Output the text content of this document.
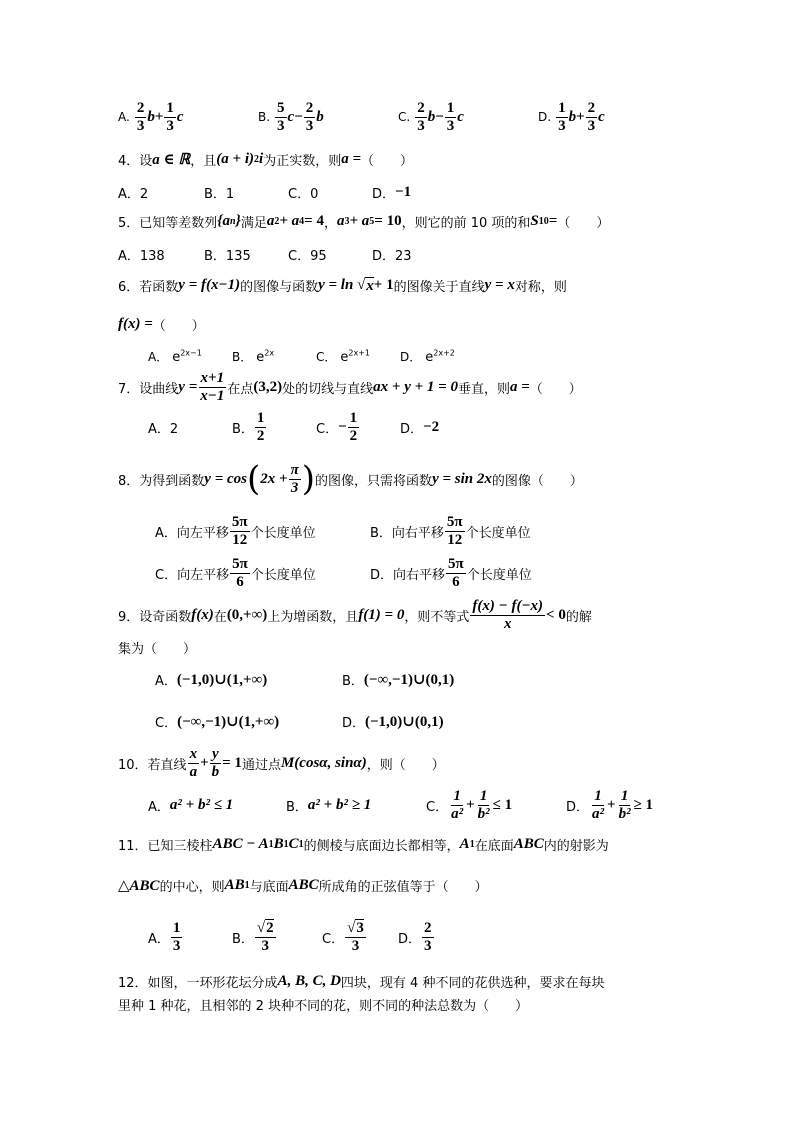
A. $\frac{2}{3}$ $b + \frac{1}{3}$ c	B. $\frac{5}{3}$ $c - \frac{2}{3}$ b	C. $\frac{2}{3}$ $b - \frac{1}{3}$ c	D. $\frac{1}{3}$ $b + \frac{2}{3}$ c
4． 设 a ∈ ℝ ，且 (a + i) 2 i 为正实数，则 a = （　　）
A．2	B．1	C．0	D． −1
5． 已知等差数列 {a n } 满足 a 2 + a 4 = 4 ， a 3 + a 5 = 10 ，则它的前 10 项的和 S 10 = （　　）
A．138	B．135	C．95	D．23
6． 若函数 y = f(x−1) 的图像与函数 y = ln √ x + 1 的图像关于直线 y = x 对称，则
f(x) = （　　）
A． $e^{2x-1}$	B． $e^{2x}$	C． $e^{2x+1}$	D． $e^{2x+2}$
7． 设曲线 $y = \frac{x+1}{x-1}$ 在点 (3,2) 处的切线与直线 ax + y + 1 = 0 垂直，则 a = （　　）
A．2	B． $\frac{1}{2}$	C． − $\frac{1}{2}$	D． −2
8． 为得到函数 y = cos ( $2x + \frac{\pi}{3}$ ) 的图像，只需将函数 y = sin 2x 的图像（　　）
A．向左平移 $\frac{5\pi}{12}$ 个长度单位	B．向右平移 $\frac{5\pi}{12}$ 个长度单位
C．向左平移 $\frac{5\pi}{6}$ 个长度单位	D．向右平移 $\frac{5\pi}{6}$ 个长度单位
9． 设奇函数 f(x) 在 (0,+∞) 上为增函数，且 f(1) = 0 ，则不等式 $\frac{f(x) - f(-x)}{x} < 0$ 的解
集为（　　）
A． (−1,0)∪(1,+∞)	B． (−∞,−1)∪(0,1)
C． (−∞,−1)∪(1,+∞)	D． (−1,0)∪(0,1)
10． 若直线 $\frac{x}{a} + \frac{y}{b} = 1$ 通过点 M(cosα, sinα) ，则（　　）
A． a² + b² ≤ 1	B． a² + b² ≥ 1	C． $\frac{1}{\text{a²}} + \frac{1}{\text{b²}} \le 1$	D． $\frac{1}{\text{a²}} + \frac{1}{\text{b²}} \ge 1$
11． 已知三棱柱 ABC − A 1 B 1 C 1 的侧棱与底面边长都相等， A 1 在底面 ABC 内的射影为
△ABC 的中心，则 AB 1 与底面 ABC 所成角的正弦值等于（　　）
A． $\frac{1}{3}$	B． $\frac{√2}{3}$	C． $\frac{√3}{3}$ D． $\frac{2}{3}$
12． 如图，一环形花坛分成 A, B, C, D 四块，现有 4 种不同的花供选种，要求在每块
里种 1 种花，且相邻的 2 块种不同的花，则不同的种法总数为（　　）
